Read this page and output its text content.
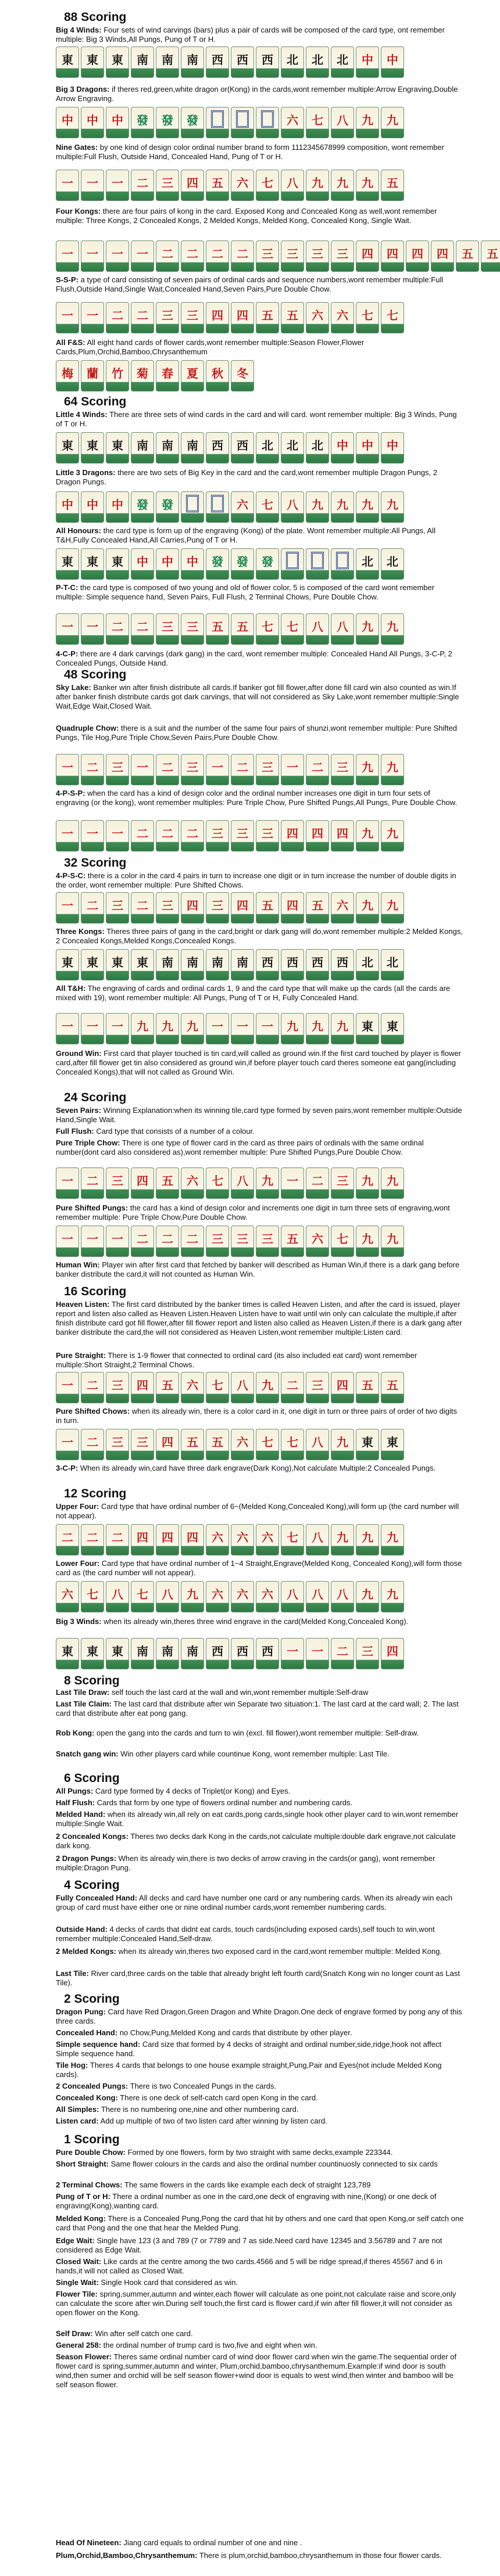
88 Scoring
Big 4 Winds: Four sets of wind carvings (bars) plus a pair of cards will be composed of the card type, ont remember multiple: Big 3 Winds,All Pungs, Pung of T or H.
東	東	東	南	南	南	西	西	西	北	北	北	中	中
Big 3 Dragons: if theres red,green,white dragon or(Kong) in the cards,wont remember multiple:Arrow Engraving,Double Arrow Engraving.
中	中	中	發	發	發	六	七	八	九	九
Nine Gates: by one kind of design color ordinal number brand to form 1112345678999 composition, wont remember multiple:Full Flush, Outside Hand, Concealed Hand, Pung of T or H.
一	一	一	二	三	四	五	六	七	八	九	九	九	五
Four Kongs: there are four pairs of kong in the card. Exposed Kong and Concealed Kong as well,wont remember multiple: Three Kongs, 2 Concealed Kongs, 2 Melded Kongs, Melded Kong, Concealed Kong, Single Wait.
一	一	一	一	二	二	二	二	三	三	三	三	四	四	四	四	五	五
S-S-P: a type of card consisting of seven pairs of ordinal cards and sequence numbers,wont remember multiple:Full Flush,Outside Hand,Single Wait,Concealed Hand,Seven Pairs,Pure Double Chow.
一	一	二	二	三	三	四	四	五	五	六	六	七	七
All F&S: All eight hand cards of flower cards,wont remember multiple:Season Flower,Flower Cards,Plum,Orchid,Bamboo,Chrysanthemum
梅	蘭	竹	菊	春	夏	秋	冬
64 Scoring
Little 4 Winds: There are three sets of wind cards in the card and will card. wont remember multiple: Big 3 Winds, Pung of T or H.
東	東	東	南	南	南	西	西	北	北	北	中	中	中
Little 3 Dragons: there are two sets of Big Key in the card and the card,wont remember multiple Dragon Pungs, 2 Dragon Pungs.
中	中	中	發	發	六	七	八	九	九	九	九
All Honours: the card type is form up of the engraving (Kong) of the plate. Wont remember multiple:All Pungs, All T&H,Fully Concealed Hand,All Carries,Pung of T or H.
東	東	東	中	中	中	發	發	發	北	北
P-T-C: the card type is composed of two young and old of flower color, 5 is composed of the card wont remember multiple: Simple sequence hand, Seven Pairs, Full Flush, 2 Terminal Chows, Pure Double Chow.
一	一	二	二	三	三	五	五	七	七	八	八	九	九
4-C-P: there are 4 dark carvings (dark gang) in the card, wont remember multiple: Concealed Hand All Pungs, 3-C-P, 2 Concealed Pungs, Outside Hand.
48 Scoring
Sky Lake: Banker win after finish distribute all cards.If banker got fill flower,after done fill card win also counted as win.If after banker finish distribute cards got dark carvings, that will not considered as Sky Lake,wont remember multiple:Single Wait,Edge Wait,Closed Wait.
Quadruple Chow: there is a suit and the number of the same four pairs of shunzi,wont remember multiple: Pure Shifted Pungs, Tile Hog,Pure Triple Chow,Seven Pairs,Pure Double Chow.
一	二	三	一	二	三	一	二	三	一	二	三	九	九
4-P-S-P: when the card has a kind of design color and the ordinal number increases one digit in turn four sets of engraving (or the kong), wont remember multiples: Pure Triple Chow, Pure Shifted Pungs,All Pungs, Pure Double Chow.
一	一	一	二	二	二	三	三	三	四	四	四	九	九
32 Scoring
4-P-S-C: there is a color in the card 4 pairs in turn to increase one digit or in turn increase the number of double digits in the order, wont remember multiple: Pure Shifted Chows.
一	二	三	二	三	四	三	四	五	四	五	六	九	九
Three Kongs: Theres three pairs of gang in the card,bright or dark gang will do,wont remember multiple:2 Melded Kongs, 2 Concealed Kongs,Melded Kongs,Concealed Kongs.
東	東	東	東	南	南	南	南	西	西	西	西	北	北
All T&H: The engraving of cards and ordinal cards 1, 9 and the card type that will make up the cards (all the cards are mixed with 19), wont remember multiple: All Pungs, Pung of T or H, Fully Concealed Hand.
一	一	一	九	九	九	一	一	一	九	九	九	東	東
Ground Win: First card that player touched is tin card,will called as ground win.If the first card touched by player is flower card,after fill flower get tin also considered as ground win,if before player touch card theres someone eat gang(including Concealed Kongs),that will not called as Ground Win.
24 Scoring
Seven Pairs: Winning Explanation:when its winning tile,card type formed by seven pairs,wont remember multiple:Outside Hand,Single Wait.
Full Flush: Card type that consists of a number of a colour.
Pure Triple Chow: There is one type of flower card in the card as three pairs of ordinals with the same ordinal number(dont card also considered as),wont remember multiple: Pure Shifted Pungs,Pure Double Chow.
一	二	三	四	五	六	七	八	九	一	二	三	九	九
Pure Shifted Pungs: the card has a kind of design color and increments one digit in turn three sets of engraving,wont remember multiple: Pure Triple Chow,Pure Double Chow.
一	一	一	二	二	二	三	三	三	五	六	七	九	九
Human Win: Player win after first card that fetched by banker will described as Human Win,if there is a dark gang before banker distribute the card,it will not counted as Human Win.
16 Scoring
Heaven Listen: The first card distributed by the banker times is called Heaven Listen, and after the card is issued, player report and listen also called as Heaven Listen.Heaven Listen have to wait until win only can calculate the multiple,if after finish distribute card got fill flower,after fill flower report and listen also called as Heaven Listen,if there is a dark gang after banker distribute the card,the will not considered as Heaven Listen,wont remember multiple:Listen card.
Pure Straight: There is 1-9 flower that connected to ordinal card (its also included eat card) wont remember multiple:Short Straight,2 Terminal Chows.
一	二	三	四	五	六	七	八	九	二	三	四	五	五
Pure Shifted Chows: when its already win, there is a color card in it, one digit in turn or three pairs of order of two digits in turn.
一	二	三	三	四	五	五	六	七	七	八	九	東	東
3-C-P: When its already win,card have three dark engrave(Dark Kong),Not calculate Multiple:2 Concealed Pungs.
12 Scoring
Upper Four: Card type that have ordinal number of 6~(Melded Kong,Concealed Kong),will form up (the card number will not appear).
二	二	二	四	四	四	六	六	六	七	八	九	九	九
Lower Four: Card type that have ordinal number of 1~4 Straight,Engrave(Melded Kong, Concealed Kong),will form those card as (the card number will not appear).
六	七	八	七	八	九	六	六	六	八	八	八	九	九
Big 3 Winds: when its already win,theres three wind engrave in the card(Melded Kong,Concealed Kong).
東	東	東	南	南	南	西	西	西	一	一	二	三	四
8 Scoring
Last Tile Draw: self touch the last card at the wall and win,wont remember multiple:Self-draw
Last Tile Claim: The last card that distribute after win Separate two situation:1. The last card at the card wall; 2. The last card that distribute after eat pong gang.
Rob Kong: open the gang into the cards and turn to win (excl. fill flower),wont remember multiple: Self-draw.
Snatch gang win: Win other players card while countinue Kong, wont remember multiple: Last Tile.
6 Scoring
All Pungs: Card type formed by 4 decks of Triplet(or Kong) and Eyes.
Half Flush: Cards that form by one type of flowers ordinal number and numbering cards.
Melded Hand: when its already win,all rely on eat cards,pong cards,single hook other player card to win,wont remember multiple:Single Wait.
2 Concealed Kongs: Theres two decks dark Kong in the cards,not calculate multiple:double dark engrave,not calculate dark kong.
2 Dragon Pungs: When its already win,there is two decks of arrow craving in the cards(or gang), wont remember multiple:Dragon Pung.
4 Scoring
Fully Concealed Hand: All decks and card have number one card or any numbering cards. When its already win each group of card must have either one or nine ordinal number cards,wont remember numbering cards.
Outside Hand: 4 decks of cards that didnt eat cards, touch cards(including exposed cards),self touch to win,wont remember multiple:Concealed Hand,Self-draw.
2 Melded Kongs: when its already win,theres two exposed card in the card,wont remember multiple: Melded Kong.
Last Tile: River card,three cards on the table that already bright left fourth card(Snatch Kong win no longer count as Last Tile).
2 Scoring
Dragon Pung: Card have Red Dragon,Green Dragon and White Dragon.One deck of engrave formed by pong any of this three cards.
Concealed Hand: no Chow,Pung,Melded Kong and cards that distribute by other player.
Simple sequence hand: Card size that formed by 4 decks of straight and ordinal number,side,ridge,hook not affect Simple sequence hand.
Tile Hog: Theres 4 cards that belongs to one house example straight,Pung,Pair and Eyes(not include Melded Kong cards).
2 Concealed Pungs: There is two Concealed Pungs in the cards.
Concealed Kong: There is one deck of self-catch card open Kong in the card.
All Simples: There is no numbering one,nine and other numbering card.
Listen card: Add up multiple of two of two listen card after winning by listen card.
1 Scoring
Pure Double Chow: Formed by one flowers, form by two straight with same decks,example 223344.
Short Straight: Same flower colours in the cards and also the ordinal number countinuosly connected to six cards
2 Terminal Chows: The same flowers in the cards like example each deck of straight 123,789
Pung of T or H: There a ordinal number as one in the card,one deck of engraving with nine,(Kong) or one deck of engraving(Kong),wanting card.
Melded Kong: There is a Concealed Pung,Pong the card that hit by others and one card that open Kong,or self catch one card that Pong and the one that hear the Melded Pung.
Edge Wait: Single have 123 (3 and 789 (7 or 7789 and 7 as side.Need card have 12345 and 3.56789 and 7 are not considered as Edge Wait.
Closed Wait: Like cards at the centre among the two cards.4566 and 5 will be ridge spread,if theres 45567 and 6 in hands,it will not called as Closed Wait.
Single Wait: Single Hook card that considered as win.
Flower Tile: spring,summer,autumn and winter,each flower will calculate as one point,not calculate raise and score,only can calculate the score after win.During self touch,the first card is flower card,if win after fill flower,it will not consider as open flower on the Kong.
Self Draw: Win after self catch one card.
General 258: the ordinal number of trump card is two,five and eight when win.
Season Flower: Theres same ordinal number card of wind door flower card when win the game.The sequential order of flower card is spring,summer,autumn and winter, Plum,orchid,bamboo,chrysanthemum.Example:if wind door is south wind,then sumer and orchid will be self season flower+wind door is equals to west wind,then winter and bamboo will be self season flower.
Head Of Nineteen: Jiang card equals to ordinal number of one and nine .
Plum,Orchid,Bamboo,Chrysanthemum: There is plum,orchid,bamboo,chrysanthemum in those four flower cards.
